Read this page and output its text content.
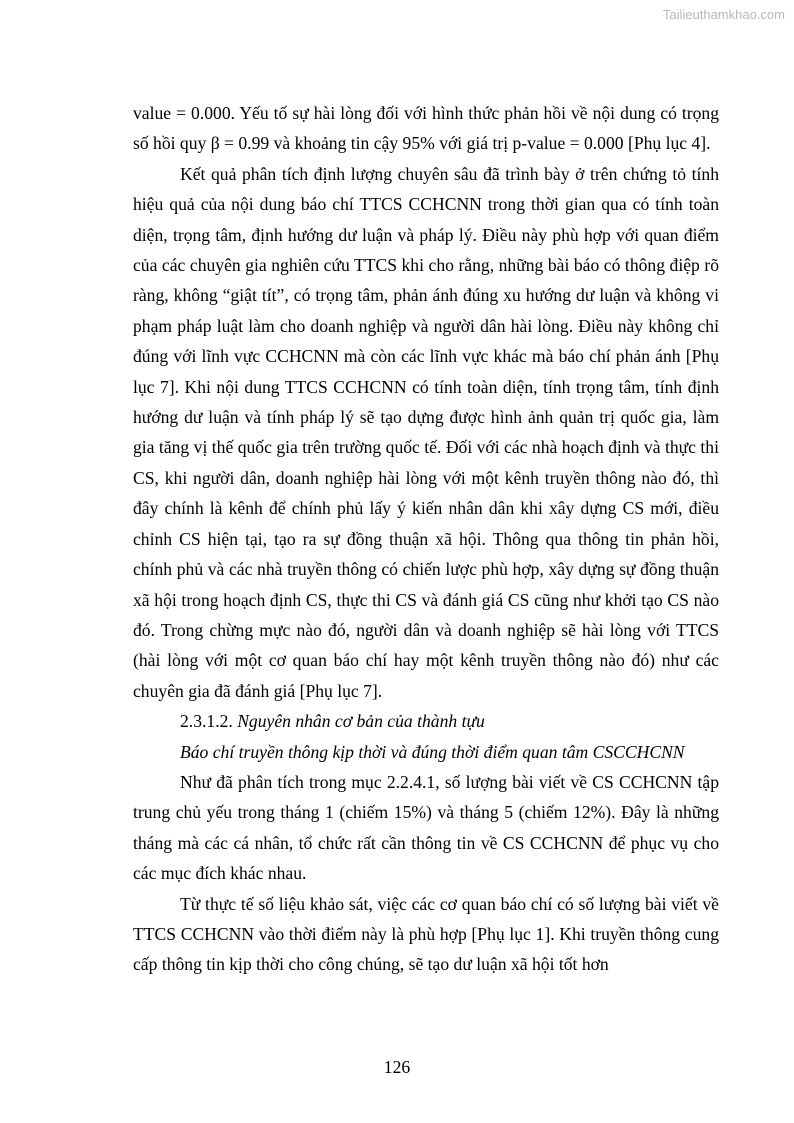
Tailieuthamkhao.com

value = 0.000. Yếu tố sự hài lòng đối với hình thức phản hồi về nội dung có trọng số hồi quy β = 0.99 và khoảng tin cậy 95% với giá trị p-value = 0.000 [Phụ lục 4].

Kết quả phân tích định lượng chuyên sâu đã trình bày ở trên chứng tỏ tính hiệu quả của nội dung báo chí TTCS CCHCNN trong thời gian qua có tính toàn diện, trọng tâm, định hướng dư luận và pháp lý. Điều này phù hợp với quan điểm của các chuyên gia nghiên cứu TTCS khi cho rằng, những bài báo có thông điệp rõ ràng, không “giật tít”, có trọng tâm, phản ánh đúng xu hướng dư luận và không vi phạm pháp luật làm cho doanh nghiệp và người dân hài lòng. Điều này không chỉ đúng với lĩnh vực CCHCNN mà còn các lĩnh vực khác mà báo chí phản ánh [Phụ lục 7]. Khi nội dung TTCS CCHCNN có tính toàn diện, tính trọng tâm, tính định hướng dư luận và tính pháp lý sẽ tạo dựng được hình ảnh quản trị quốc gia, làm gia tăng vị thế quốc gia trên trường quốc tế. Đối với các nhà hoạch định và thực thi CS, khi người dân, doanh nghiệp hài lòng với một kênh truyền thông nào đó, thì đây chính là kênh để chính phủ lấy ý kiến nhân dân khi xây dựng CS mới, điều chỉnh CS hiện tại, tạo ra sự đồng thuận xã hội. Thông qua thông tin phản hồi, chính phủ và các nhà truyền thông có chiến lược phù hợp, xây dựng sự đồng thuận xã hội trong hoạch định CS, thực thi CS và đánh giá CS cũng như khởi tạo CS nào đó. Trong chừng mực nào đó, người dân và doanh nghiệp sẽ hài lòng với TTCS (hài lòng với một cơ quan báo chí hay một kênh truyền thông nào đó) như các chuyên gia đã đánh giá [Phụ lục 7].

2.3.1.2. Nguyên nhân cơ bản của thành tựu

Báo chí truyền thông kịp thời và đúng thời điểm quan tâm CSCCHCNN

Như đã phân tích trong mục 2.2.4.1, số lượng bài viết về CS CCHCNN tập trung chủ yếu trong tháng 1 (chiếm 15%) và tháng 5 (chiếm 12%). Đây là những tháng mà các cá nhân, tổ chức rất cần thông tin về CS CCHCNN để phục vụ cho các mục đích khác nhau.

Từ thực tế số liệu khảo sát, việc các cơ quan báo chí có số lượng bài viết về TTCS CCHCNN vào thời điểm này là phù hợp [Phụ lục 1]. Khi truyền thông cung cấp thông tin kịp thời cho công chúng, sẽ tạo dư luận xã hội tốt hơn

126
